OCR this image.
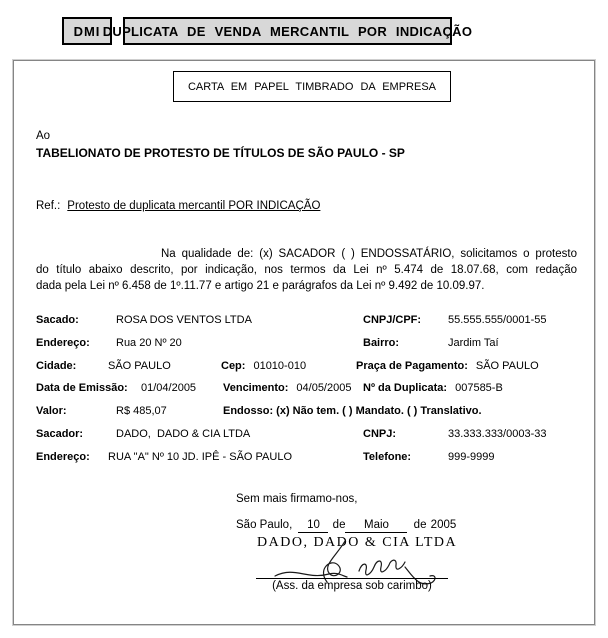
DMI DUPLICATA DE VENDA MERCANTIL POR INDICAÇÃO
CARTA EM PAPEL TIMBRADO DA EMPRESA
Ao
TABELIONATO DE PROTESTO DE TÍTULOS DE SÃO PAULO - SP
Ref.: Protesto de duplicata mercantil POR INDICAÇÃO
Na qualidade de: (x) SACADOR ( ) ENDOSSATÁRIO, solicitamos o protesto
do título abaixo descrito, por indicação, nos termos da Lei nº 5.474 de 18.07.68, com redação
dada pela Lei nº 6.458 de 1º.11.77 e artigo 21 e parágrafos da Lei nº 9.492 de 10.09.97.
Sacado:	ROSA DOS VENTOS LTDA	CNPJ/CPF: 55.555.555/0001-55
Endereço: Rua 20 Nº 20	Bairro:	Jardim Taí
Cidade:	SÃO PAULO	Cep: 01010-010	Praça de Pagamento: SÃO PAULO
Data de Emissão: 01/04/2005 Vencimento: 04/05/2005 Nº da Duplicata: 007585-B
Valor:	R$ 485,07	Endosso: (x) Não tem. ( ) Mandato. ( ) Translativo.
Sacador:	DADO,  DADO & CIA LTDA	CNPJ:	33.333.333/0003-33
Endereço: RUA "A" Nº 10 JD. IPÊ - SÃO PAULO	Telefone:	999-9999
Sem mais firmamo-nos,
São Paulo, 10 de Maio de 2005
DADO, DADO & CIA LTDA
(Ass. da empresa sob carimbo)
